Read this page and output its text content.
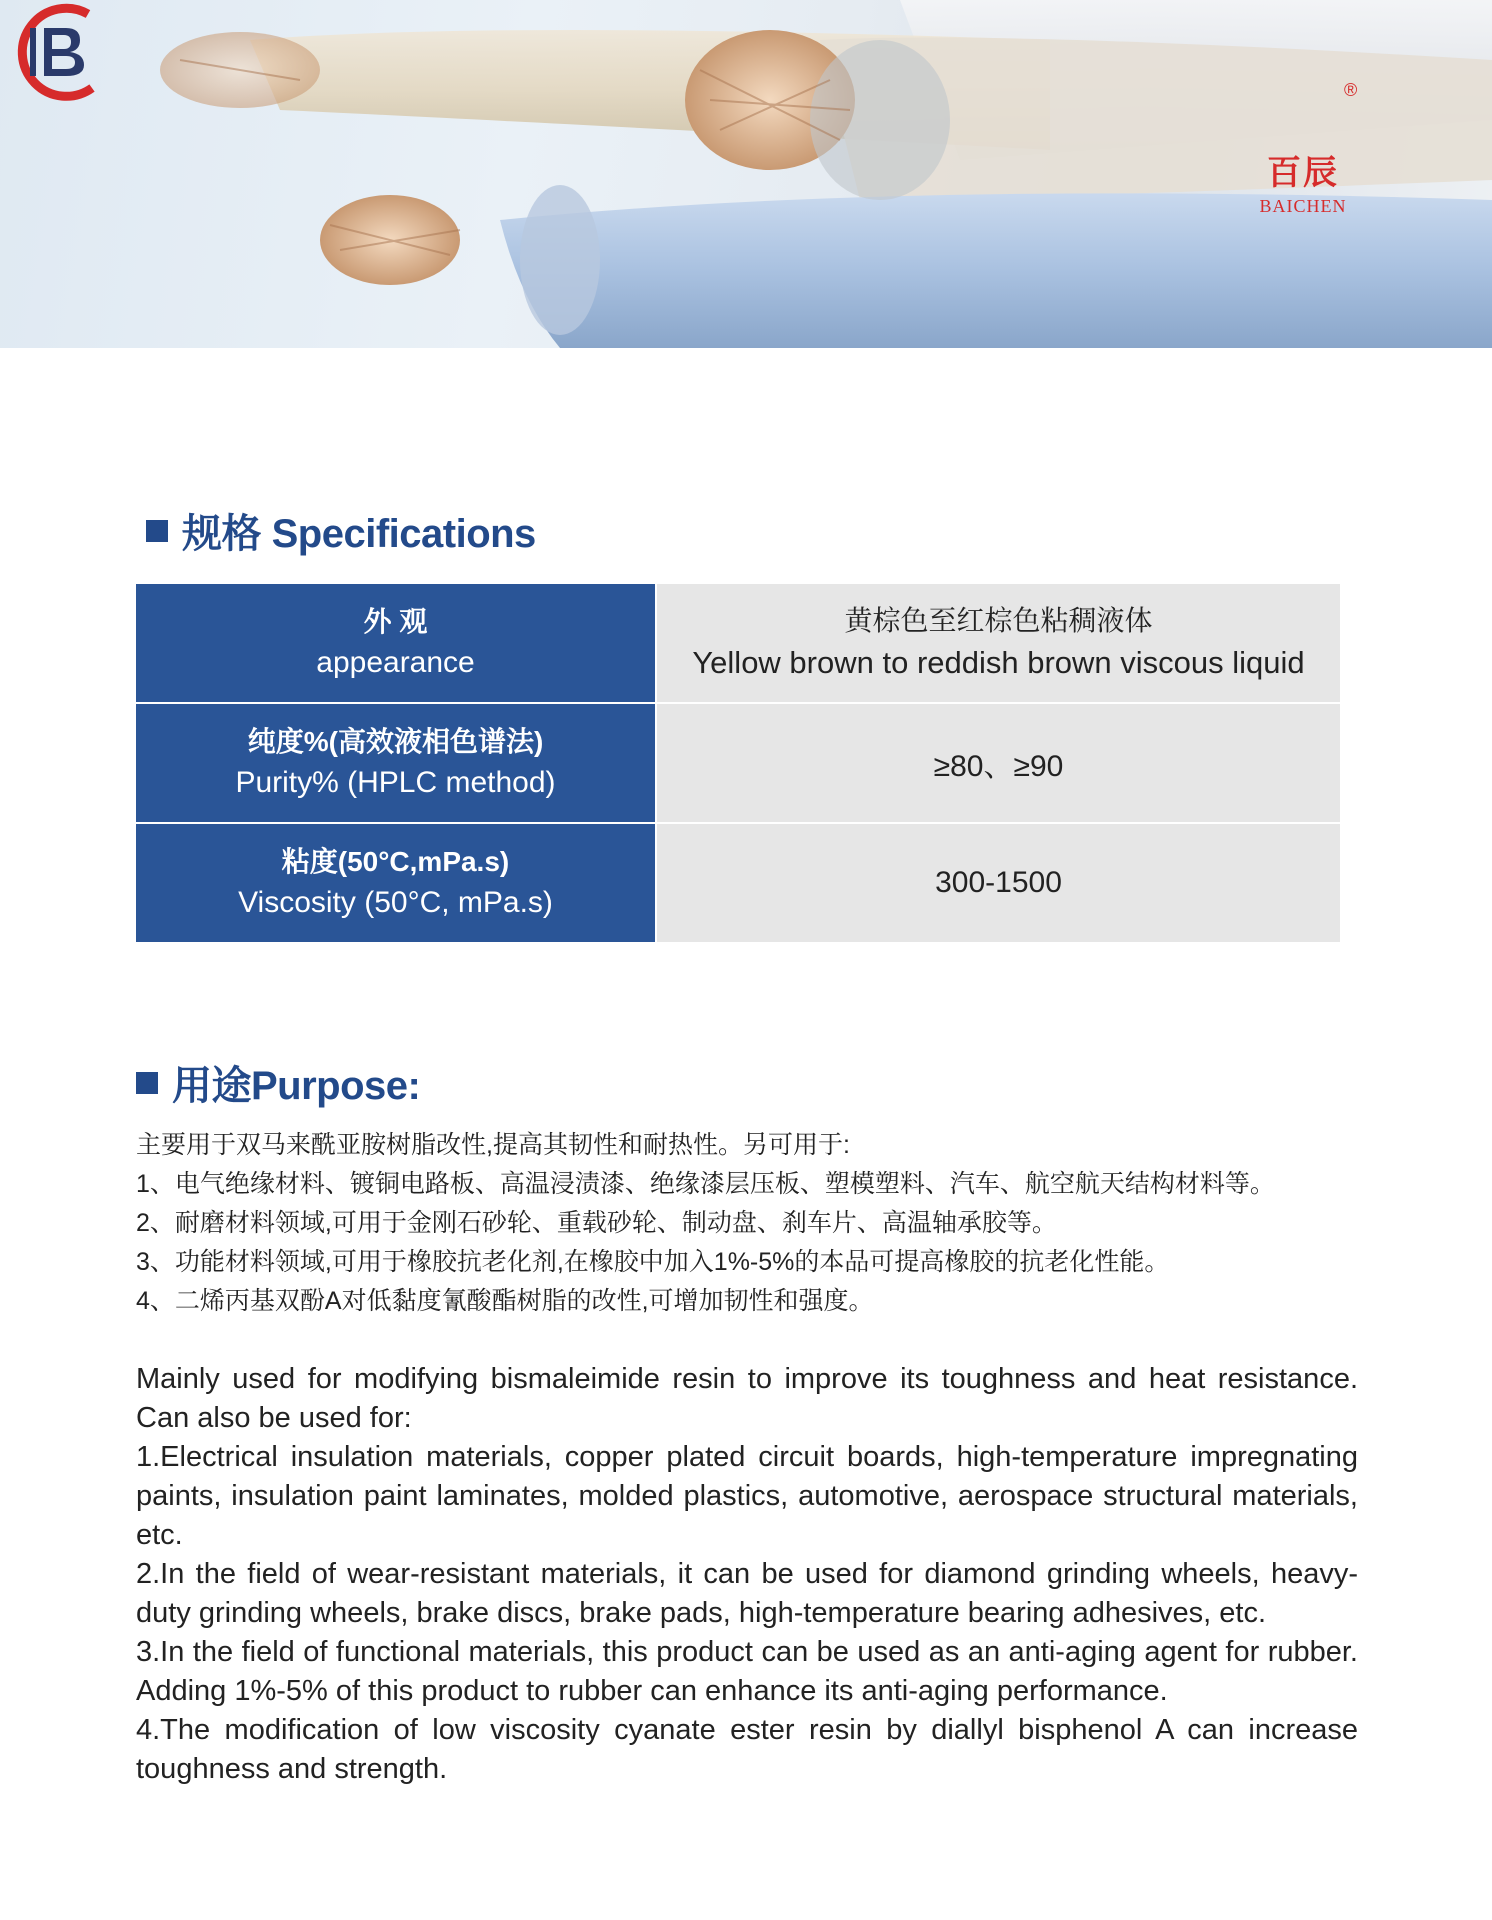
百辰
BAICHEN
®
规格 Specifications
外 观
appearance
黄棕色至红棕色粘稠液体
Yellow brown to reddish brown viscous liquid
纯度%(高效液相色谱法)
Purity% (HPLC method)	≥80、≥90
粘度(50°C,mPa.s)
Viscosity (50°C, mPa.s)
300-1500
用途Purpose:

主要用于双马来酰亚胺树脂改性,提高其韧性和耐热性。另可用于:

1、电气绝缘材料、镀铜电路板、高温浸渍漆、绝缘漆层压板、塑模塑料、汽车、航空航天结构材料等。

2、耐磨材料领域,可用于金刚石砂轮、重载砂轮、制动盘、刹车片、高温轴承胶等。

3、功能材料领域,可用于橡胶抗老化剂,在橡胶中加入1%-5%的本品可提高橡胶的抗老化性能。

4、二烯丙基双酚A对低黏度氰酸酯树脂的改性,可增加韧性和强度。

Mainly used for modifying bismaleimide resin to improve its toughness and heat resistance. Can also be used for:

1.Electrical insulation materials, copper plated circuit boards, high-temperature impregnating paints, insulation paint laminates, molded plastics, automotive, aerospace structural materials, etc.

2.In the field of wear-resistant materials, it can be used for diamond grinding wheels, heavy-duty grinding wheels, brake discs, brake pads, high-temperature bearing adhesives, etc.

3.In the field of functional materials, this product can be used as an anti-aging agent for rubber. Adding 1%-5% of this product to rubber can enhance its anti-aging performance.

4.The modification of low viscosity cyanate ester resin by diallyl bisphenol A can increase toughness and strength.
